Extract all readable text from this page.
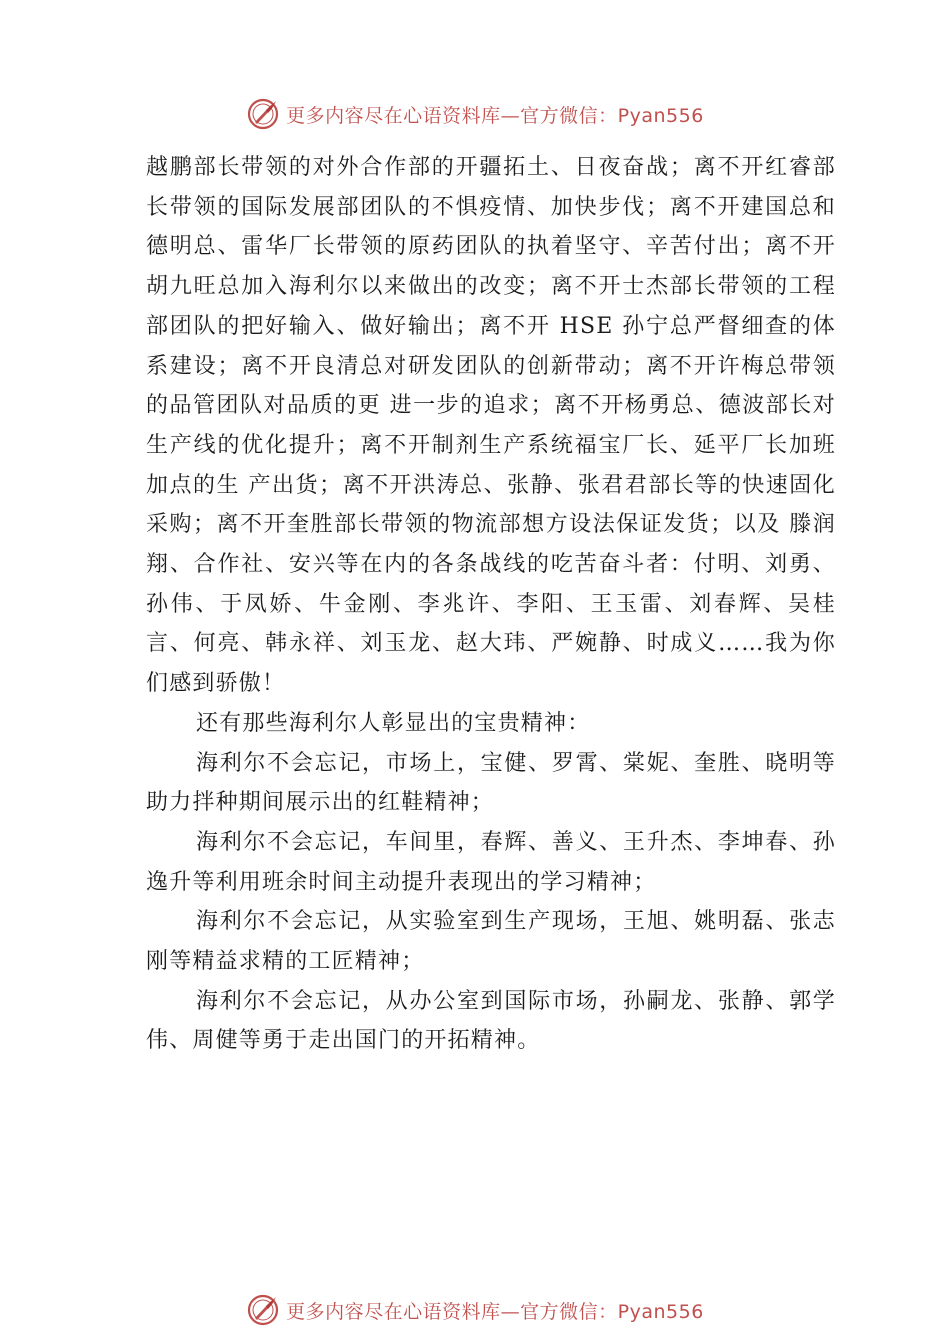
更多内容尽在心语资料库—官方微信：Pyan556

越鹏部长带领的对外合作部的开疆拓土、日夜奋战；离不开红睿部长带领的国际发展部团队的不惧疫情、加快步伐；离不开建国总和德明总、雷华厂长带领的原药团队的执着坚守、辛苦付出；离不开胡九旺总加入海利尔以来做出的改变；离不开士杰部长带领的工程部团队的把好输入、做好输出；离不开 HSE 孙宁总严督细查的体系建设；离不开良清总对研发团队的创新带动；离不开许梅总带领的品管团队对品质的更 进一步的追求；离不开杨勇总、德波部长对生产线的优化提升；离不开制剂生产系统福宝厂长、延平厂长加班加点的生 产出货；离不开洪涛总、张静、张君君部长等的快速固化采购；离不开奎胜部长带领的物流部想方设法保证发货；以及 滕润翔、合作社、安兴等在内的各条战线的吃苦奋斗者：付明、刘勇、孙伟、于凤娇、牛金刚、李兆许、李阳、王玉雷、刘春辉、吴桂言、何亮、韩永祥、刘玉龙、赵大玮、严婉静、时成义……我为你们感到骄傲！

还有那些海利尔人彰显出的宝贵精神：

海利尔不会忘记，市场上，宝健、罗霄、棠妮、奎胜、晓明等助力拌种期间展示出的红鞋精神；

海利尔不会忘记，车间里，春辉、善义、王升杰、李坤春、孙逸升等利用班余时间主动提升表现出的学习精神；

海利尔不会忘记，从实验室到生产现场，王旭、姚明磊、张志刚等精益求精的工匠精神；

海利尔不会忘记，从办公室到国际市场，孙嗣龙、张静、郭学伟、周健等勇于走出国门的开拓精神。

更多内容尽在心语资料库—官方微信：Pyan556
